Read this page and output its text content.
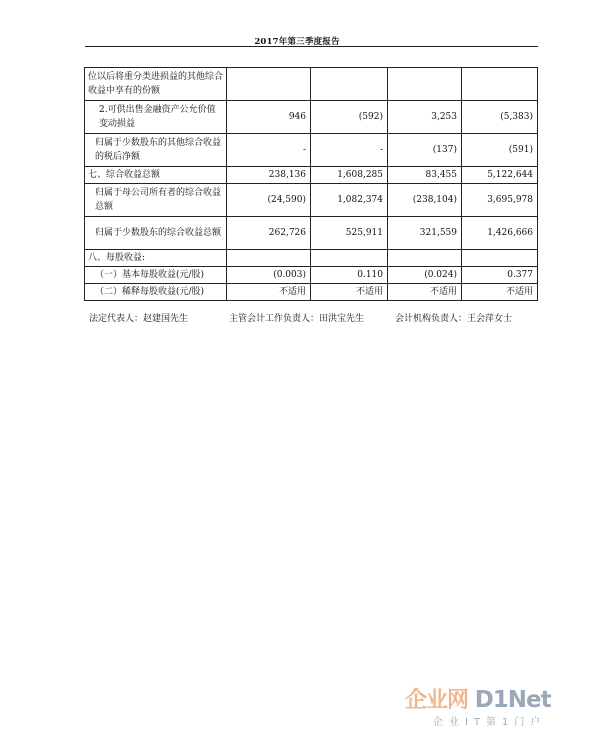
2017年第三季度报告
位以后将重分类进损益的其他综合收益中享有的份额				
2.可供出售金融资产公允价值变动损益	946	(592)	3,253	(5,383)
归属于少数股东的其他综合收益的税后净额	-	-	(137)	(591)
七、综合收益总额	238,136	1,608,285	83,455	5,122,644
归属于母公司所有者的综合收益总额	(24,590)	1,082,374	(238,104)	3,695,978
归属于少数股东的综合收益总额	262,726	525,911	321,559	1,426,666
八、每股收益:				
（一）基本每股收益(元/股)	(0.003)	0.110	(0.024)	0.377
（二）稀释每股收益(元/股)	不适用	不适用	不适用	不适用
法定代表人：赵建国先生	主管会计工作负责人：田洪宝先生	会计机构负责人：王会萍女士
企业网 D1Net
企业IT第1门户
